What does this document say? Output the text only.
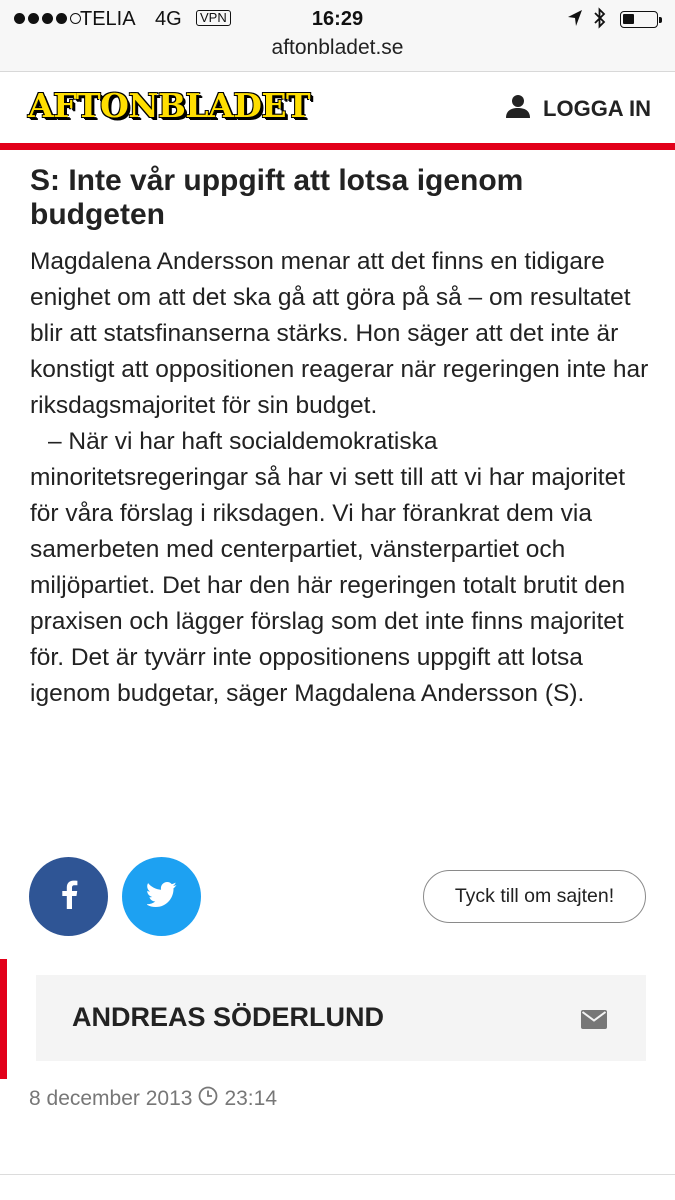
TELIA 4G	VPN	16:29
aftonbladet.se
AFTONBLADET	LOGGA IN
S: Inte vår uppgift att lotsa igenom budgeten

Magdalena Andersson menar att det finns en tidigare enighet om att det ska gå att göra på så – om resultatet blir att statsfinanserna stärks. Hon säger att det inte är konstigt att oppositionen reagerar när regeringen inte har riksdagsmajoritet för sin budget.

– När vi har haft socialdemokratiska minoritetsregeringar så har vi sett till att vi har majoritet för våra förslag i riksdagen. Vi har förankrat dem via samerbeten med centerpartiet, vänsterpartiet och miljöpartiet. Det har den här regeringen totalt brutit den praxisen och lägger förslag som det inte finns majoritet för. Det är tyvärr inte oppositionens uppgift att lotsa igenom budgetar, säger Magdalena Andersson (S).

Tyck till om sajten!
ANDREAS SÖDERLUND
8 december 2013 23:14
